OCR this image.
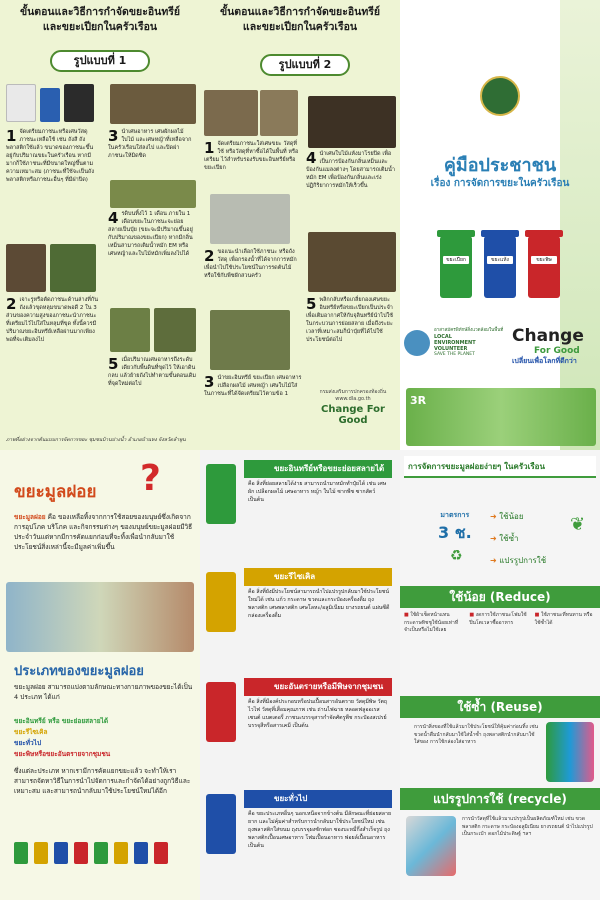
ขั้นตอนและวิธีการกำจัดขยะอินทรีย์
และขยะเปียกในครัวเรือน
รูปแบบที่ 1
1 จัดเตรียมภาชนะหรือเศษวัสดุภาชนะเหลือใช้ เช่น ถังสี ถังพลาสติกใช้แล้ว ขนาดของภาชนะขึ้นอยู่กับปริมาณขยะในครัวเรือน หากมีมากก็ใช้ภาชนะที่มีขนาดใหญ่ขึ้นตามความเหมาะสม (ภาชนะที่ใช้จะเป็นถังพลาสติกหรือภาชนะอื่นๆ ที่มีฝาปิด)
3 นำเศษอาหาร เศษผักผลไม้ ใบไม้ และเศษหญ้าที่เหลือจากในครัวเรือนใส่ลงไป และปิดฝาภาชนะให้มิดชิด
4 รดิบนทิ้งไว้ 1 เดือน ภายใน 1 เดือนขยะในภาชนะจะย่อยสลายเป็นปุ๋ย (ขยะจะมีปริมาณขึ้นอยู่กับปริมาณของขยะเปียก) หากมีกลิ่นเหม็นสามารถเติมน้ำหมัก EM หรือเศษหญ้าและใบไม้หมักเพิ่มลงไปได้
2 เจาะรูหรือตัดภาชนะด้านล่างที่กันถังแล้วขุดหลุมขนาดพอดี 2 ใน 3 ส่วนของความสูงของภาชนะนำภาชนะที่เตรียมไว้ไปใส่ในหลุมที่ขุด ทั้งนี้ควรมีปริมาณขยะอินทรีย์เหลือผ่านมากเพียงพอที่จะเติมลงไป
5 เมื่อปริมาณเศษอาหารถึงระดับเดียวกับพื้นดินที่ขุดไว้ ให้เอาดินกลบ แล้วย้ายถังไปทำตามขั้นตอนเดิมที่จุดใหม่ต่อไป
ภาพที่อย่างจากต้นแบบการจัดการขยะ ชุมชนบ้านปางน้ำ อำเภอบ้านหง จังหวัดลำพูน
ขั้นตอนและวิธีการกำจัดขยะอินทรีย์
และขยะเปียกในครัวเรือน
รูปแบบที่ 2
1 จัดเตรียมภาชนะใส่เศษขยะ วัสดุที่ใช้ หรือวัสดุที่หาซื้อได้ในพื้นที่ หรือเตรียม ไว้สำหรับรองรับขยะอินทรีย์หรือขยะเปียก
4 นำเศษใบไม้แห้งมาโรยปิด เพื่อเป็นการป้องกันกลิ่นเหม็นและป้องกันแมลงต่างๆ โดยสามารถเติมน้ำหมัก EM เพื่อป้องกันกลิ่นและเร่งปฏิกิริยาการหมักให้เร็วขึ้น
2 ขอแนะนำเลือกใช้ภาชนะ หรือถังวัสดุ เพื่อกรองน้ำที่ได้จากการหมัก เพื่อนำไปใช้ประโยชน์ในการรดต้นไม้ หรือใช้กับพืชผักสวนครัว
5 พลิกกลับหรือเกลี่ยกองเศษขยะอินทรีย์หรือขยะเปียกเป็นประจำเพื่อเติมอากาศให้กับจุลินทรีย์นำไปใช้ในกระบวนการย่อยสลาย เมื่อถึงระยะเวลาที่เหมาะสมก็นำปุ๋ยที่ได้ไปใช้ประโยชน์ต่อไป
3 นำขยะอินทรีย์ ขยะเปียก เศษอาหาร เปลือกผลไม้ เศษหญ้า เศษใบไม้ใส่ในภาชนะที่ได้จัดเตรียมไว้ตามข้อ 1	กรมส่งเสริมการปกครองท้องถิ่น
www.dla.go.th
Change For Good
คู่มือประชาชน
เรื่อง การจัดการขยะในครัวเรือน
ขยะเปียก	ขยะแห้ง	ขยะพิษ
อาสาสมัครพิทักษ์สิ่งแวดล้อมในพื้นที่
LOCAL
ENVIRONMENT
VOLUNTEER
SAVE THE PLANET
Change
For Good
เปลี่ยนเพื่อโลกที่ดีกว่า
3R
ขยะมูลฝอย ?
ขยะมูลฝอย คือ ของเหลือทิ้งจากการใช้สอยของมนุษย์ซึ่งเกิดจากการอุปโภค บริโภค และกิจกรรมต่างๆ ของมนุษย์ขยะมูลฝอยมีวิธีประจำวันแต่หากมีการคัดแยกก่อนที่จะทิ้งเพื่อนำกลับมาใช้ประโยชน์สิ่งเหล่านี้จะมีมูลค่าเพิ่มขึ้น
ประเภทของขยะมูลฝอย
ขยะมูลฝอย สามารถแบ่งตามลักษณะทางกายภาพของขยะได้เป็น 4 ประเภท ได้แก่
ขยะอินทรีย์ หรือ ขยะย่อยสลายได้
ขยะรีไซเคิล
ขยะทั่วไป
ขยะพิษหรือขยะอันตรายจากชุมชน
ซึ่งแต่ละประเภท หากเรามีการคัดแยกขยะแล้ว จะทำให้เราสามารถจัดหาวิธีในการนำไปจัดการและกำจัดได้อย่างถูกวิธีและเหมาะสม และสามารถนำกลับมาใช้ประโยชน์ใหม่ได้อีก
ขยะอินทรีย์หรือขยะย่อยสลายได้
คือ สิ่งที่ย่อยสลายได้ง่าย สามารถนำมาหมักทำปุ๋ยได้ เช่น เศษผัก เปลือกผลไม้ เศษอาหาร หญ้า ใบไม้ ซากพืช ซากสัตว์ เป็นต้น
ขยะรีไซเคิล
คือ สิ่งที่ยังมีประโยชน์สามารถนำไปแปรรูปกลับมาใช้ประโยชน์ใหม่ได้ เช่น แก้ว กระดาษ ขวดและกระป๋องเครื่องดื่ม ถุงพลาสติก เศษพลาสติก เศษโลหะ/อลูมิเนียม ยางรถยนต์ แผ่นซีดี กล่องเครื่องดื่ม
ขยะอันตรายหรือมีพิษจากชุมชน
คือ สิ่งที่มีองค์ประกอบหรือปนเปื้อนสารอันตราย วัสดุมีพิษ วัตถุไวไฟ วัสดุที่เสื่อมคุณภาพ เช่น ถ่านไฟฉาย หลอดฟลูออเรสเซนต์ แบตเตอรี่ ภาชนะบรรจุสารกำจัดศัตรูพืช กระป๋องสเปรย์บรรจุสีหรือสารเคมี เป็นต้น
ขยะทั่วไป
คือ ขยะประเภทอื่นๆ นอกเหนือจากข้างต้น มีลักษณะที่ย่อยสลายยาก และไม่คุ้มค่าสำหรับการนำกลับมาใช้ประโยชน์ใหม่ เช่น ถุงพลาสติกใส่ขนม ถุงบรรจุผงซักฟอก ซองบะหมี่กึ่งสำเร็จรูป ถุงพลาสติกเปื้อนเศษอาหาร โฟมเปื้อนอาหาร ฟอยล์เปื้อนอาหาร เป็นต้น
การจัดการขยะมูลฝอยง่ายๆ ในครัวเรือน
มาตรการ
3 ช.
♻
➜ ใช้น้อย
➜ ใช้ซ้ำ
➜ แปรรูปการใช้
❦
ใช้น้อย (Reduce)
■ ใช้ผ้าเช็ดหน้าแทนกระดาษทิชชูใช้น้อยเท่าที่จำเป็นหรือไม่ใช้เลย
■ งดการใช้ภาชนะโฟมใช้ปิ่นโตเวลาซื้ออาหาร
■ ใช้ภาชนะที่ทนทาน หรือใช้ซ้ำได้
ใช้ซ้ำ (Reuse)
การนำสิ่งของที่ใช้แล้วมาใช้ประโยชน์ให้คุ้มค่าก่อนทิ้ง เช่น ขวดน้ำดื่มนำกลับมาใช้ใส่น้ำซ้ำ ถุงพลาสติกนำกลับมาใช้ใส่ของ การใช้กล่องใส่อาหาร
แปรรูปการใช้ (recycle)
การนำวัสดุที่ใช้แล้วมาแปรรูปเป็นผลิตภัณฑ์ใหม่ เช่น ขวดพลาสติก กระดาษ กระป๋องอลูมิเนียม ยางรถยนต์ นำไปแปรรูปเป็นกระเป๋า ดอกไม้ประดิษฐ์ ฯลฯ
